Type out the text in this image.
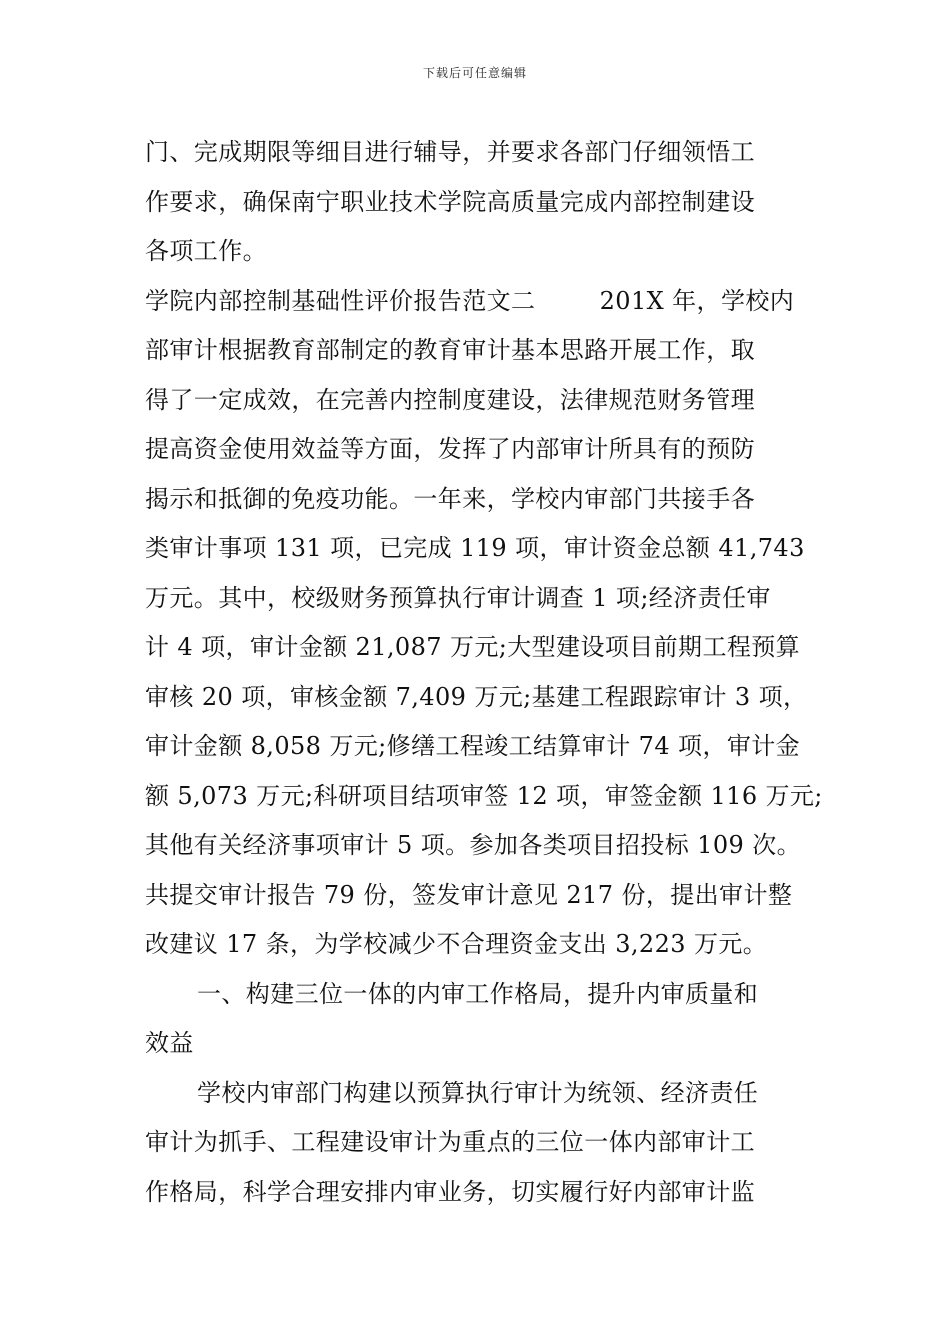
下载后可任意编辑
门、完成期限等细目进行辅导，并要求各部门仔细领悟工
作要求，确保南宁职业技术学院高质量完成内部控制建设
各项工作。
学院内部控制基础性评价报告范文二        201X 年，学校内
部审计根据教育部制定的教育审计基本思路开展工作，取
得了一定成效，在完善内控制度建设，法律规范财务管理
提高资金使用效益等方面，发挥了内部审计所具有的预防
揭示和抵御的免疫功能。一年来，学校内审部门共接手各
类审计事项 131 项，已完成 119 项，审计资金总额 41,743
万元。其中，校级财务预算执行审计调查 1 项;经济责任审
计 4 项，审计金额 21,087 万元;大型建设项目前期工程预算
审核 20 项，审核金额 7,409 万元;基建工程跟踪审计 3 项，
审计金额 8,058 万元;修缮工程竣工结算审计 74 项，审计金
额 5,073 万元;科研项目结项审签 12 项，审签金额 116 万元;
其他有关经济事项审计 5 项。参加各类项目招投标 109 次。
共提交审计报告 79 份，签发审计意见 217 份，提出审计整
改建议 17 条，为学校减少不合理资金支出 3,223 万元。
一、构建三位一体的内审工作格局，提升内审质量和
效益
学校内审部门构建以预算执行审计为统领、经济责任
审计为抓手、工程建设审计为重点的三位一体内部审计工
作格局，科学合理安排内审业务，切实履行好内部审计监
